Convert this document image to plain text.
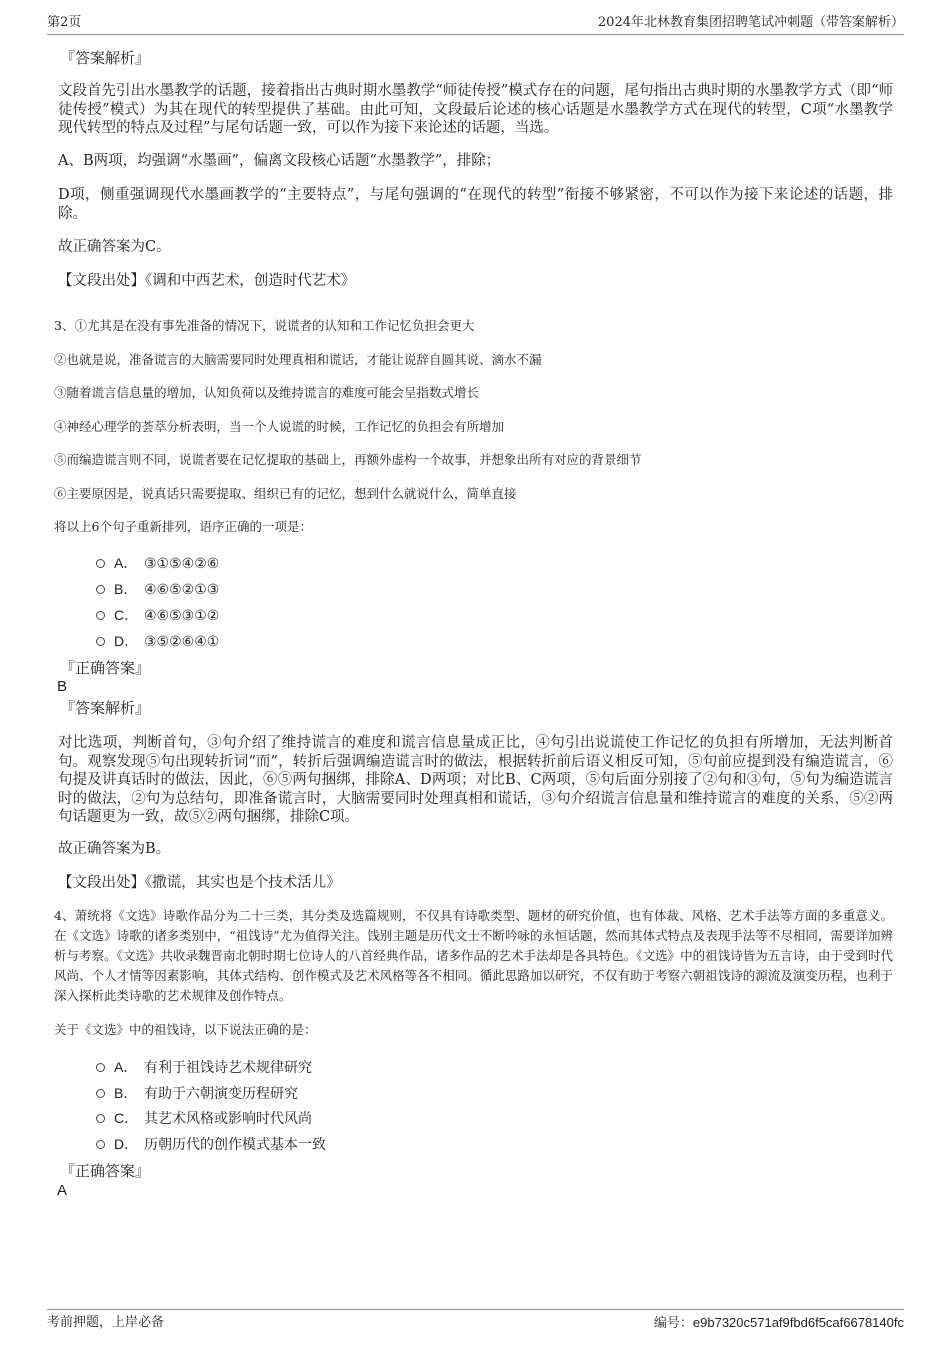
第2页	2024年北林教育集团招聘笔试冲刺题（带答案解析）
『答案解析』
文段首先引出水墨教学的话题，接着指出古典时期水墨教学“师徒传授”模式存在的问题，尾句指出古典时期的水墨教学方式（即“师徒传授”模式）为其在现代的转型提供了基础。由此可知，文段最后论述的核心话题是水墨教学方式在现代的转型，C项“水墨教学现代转型的特点及过程”与尾句话题一致，可以作为接下来论述的话题，当选。
A、B两项，均强调“水墨画”，偏离文段核心话题“水墨教学”，排除；
D项，侧重强调现代水墨画教学的“主要特点”，与尾句强调的“在现代的转型”衔接不够紧密，不可以作为接下来论述的话题，排除。
故正确答案为C。
【文段出处】《调和中西艺术，创造时代艺术》
3、①尤其是在没有事先准备的情况下，说谎者的认知和工作记忆负担会更大
②也就是说，准备谎言的大脑需要同时处理真相和谎话，才能让说辞自圆其说、滴水不漏
③随着谎言信息量的增加，认知负荷以及维持谎言的难度可能会呈指数式增长
④神经心理学的荟萃分析表明，当一个人说谎的时候，工作记忆的负担会有所增加
⑤而编造谎言则不同，说谎者要在记忆提取的基础上，再额外虚构一个故事，并想象出所有对应的背景细节
⑥主要原因是，说真话只需要提取、组织已有的记忆，想到什么就说什么，简单直接
将以上6个句子重新排列，语序正确的一项是：
A． ③①⑤④②⑥
B． ④⑥⑤②①③
C． ④⑥⑤③①②
D． ③⑤②⑥④①
『正确答案』
B
『答案解析』
对比选项，判断首句，③句介绍了维持谎言的难度和谎言信息量成正比，④句引出说谎使工作记忆的负担有所增加，无法判断首句。观察发现⑤句出现转折词“而”，转折后强调编造谎言时的做法，根据转折前后语义相反可知，⑤句前应提到没有编造谎言，⑥句提及讲真话时的做法，因此，⑥⑤两句捆绑，排除A、D两项；对比B、C两项，⑤句后面分别接了②句和③句，⑤句为编造谎言时的做法，②句为总结句，即准备谎言时，大脑需要同时处理真相和谎话，③句介绍谎言信息量和维持谎言的难度的关系，⑤②两句话题更为一致，故⑤②两句捆绑，排除C项。
故正确答案为B。
【文段出处】《撒谎，其实也是个技术活儿》
4、萧统将《文选》诗歌作品分为二十三类，其分类及选篇规则，不仅具有诗歌类型、题材的研究价值，也有体裁、风格、艺术手法等方面的多重意义。在《文选》诗歌的诸多类别中，“祖饯诗”尤为值得关注。饯别主题是历代文士不断吟咏的永恒话题，然而其体式特点及表现手法等不尽相同，需要详加辨析与考察。《文选》共收录魏晋南北朝时期七位诗人的八首经典作品，诸多作品的艺术手法却是各具特色。《文选》中的祖饯诗皆为五言诗，由于受到时代风尚、个人才情等因素影响，其体式结构、创作模式及艺术风格等各不相同。循此思路加以研究，不仅有助于考察六朝祖饯诗的源流及演变历程，也利于深入探析此类诗歌的艺术规律及创作特点。
关于《文选》中的祖饯诗，以下说法正确的是：
A． 有利于祖饯诗艺术规律研究
B． 有助于六朝演变历程研究
C． 其艺术风格或影响时代风尚
D． 历朝历代的创作模式基本一致
『正确答案』
A
考前押题，上岸必备	编号：e9b7320c571af9fbd6f5caf6678140fc
